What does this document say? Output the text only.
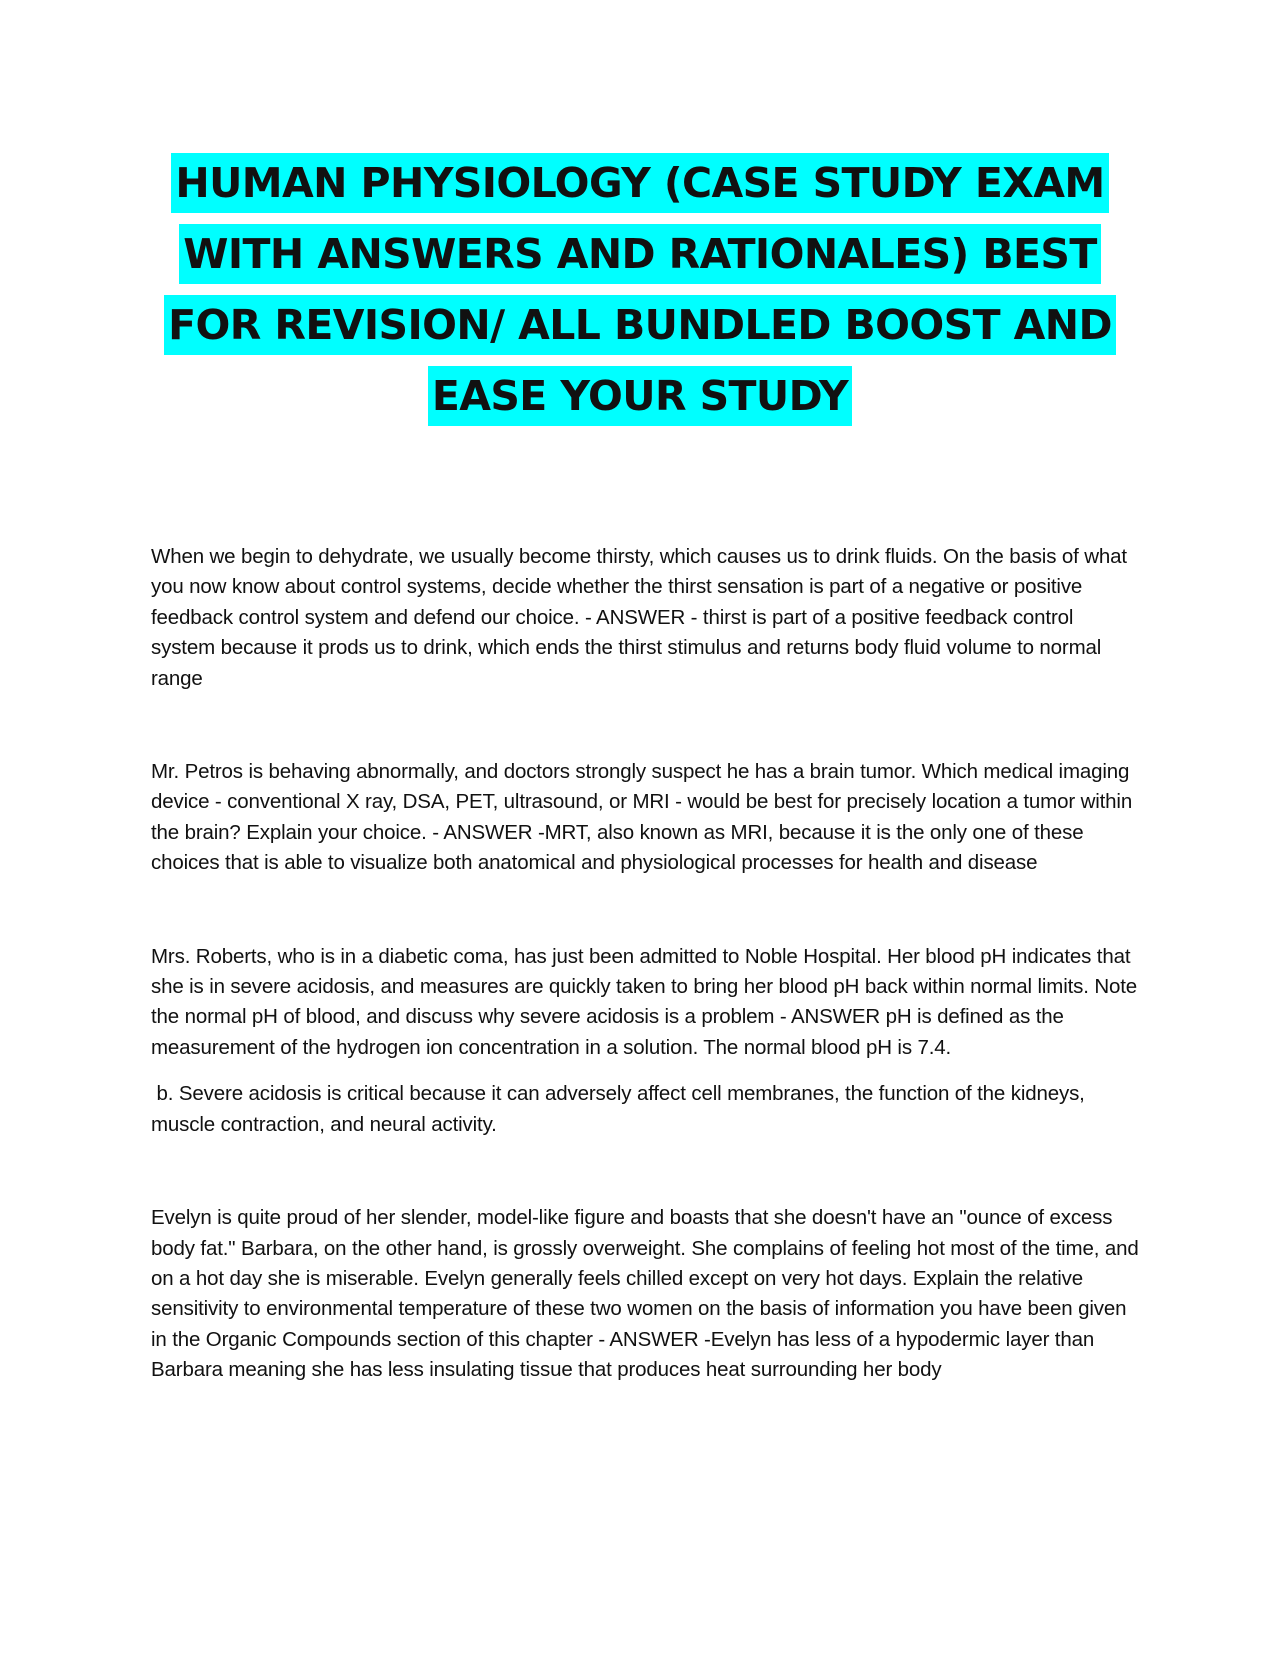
HUMAN PHYSIOLOGY (CASE STUDY EXAM WITH ANSWERS AND RATIONALES) BEST FOR REVISION/ ALL BUNDLED BOOST AND EASE YOUR STUDY

When we begin to dehydrate, we usually become thirsty, which causes us to drink fluids. On the basis of what you now know about control systems, decide whether the thirst sensation is part of a negative or positive feedback control system and defend our choice. - ANSWER - thirst is part of a positive feedback control system because it prods us to drink, which ends the thirst stimulus and returns body fluid volume to normal range

Mr. Petros is behaving abnormally, and doctors strongly suspect he has a brain tumor. Which medical imaging device - conventional X ray, DSA, PET, ultrasound, or MRI - would be best for precisely location a tumor within the brain? Explain your choice. - ANSWER -MRT, also known as MRI, because it is the only one of these choices that is able to visualize both anatomical and physiological processes for health and disease

Mrs. Roberts, who is in a diabetic coma, has just been admitted to Noble Hospital. Her blood pH indicates that she is in severe acidosis, and measures are quickly taken to bring her blood pH back within normal limits. Note the normal pH of blood, and discuss why severe acidosis is a problem - ANSWER pH is defined as the measurement of the hydrogen ion concentration in a solution. The normal blood pH is 7.4.

b. Severe acidosis is critical because it can adversely affect cell membranes, the function of the kidneys, muscle contraction, and neural activity.

Evelyn is quite proud of her slender, model-like figure and boasts that she doesn't have an "ounce of excess body fat." Barbara, on the other hand, is grossly overweight. She complains of feeling hot most of the time, and on a hot day she is miserable. Evelyn generally feels chilled except on very hot days. Explain the relative sensitivity to environmental temperature of these two women on the basis of information you have been given in the Organic Compounds section of this chapter - ANSWER -Evelyn has less of a hypodermic layer than Barbara meaning she has less insulating tissue that produces heat surrounding her body
